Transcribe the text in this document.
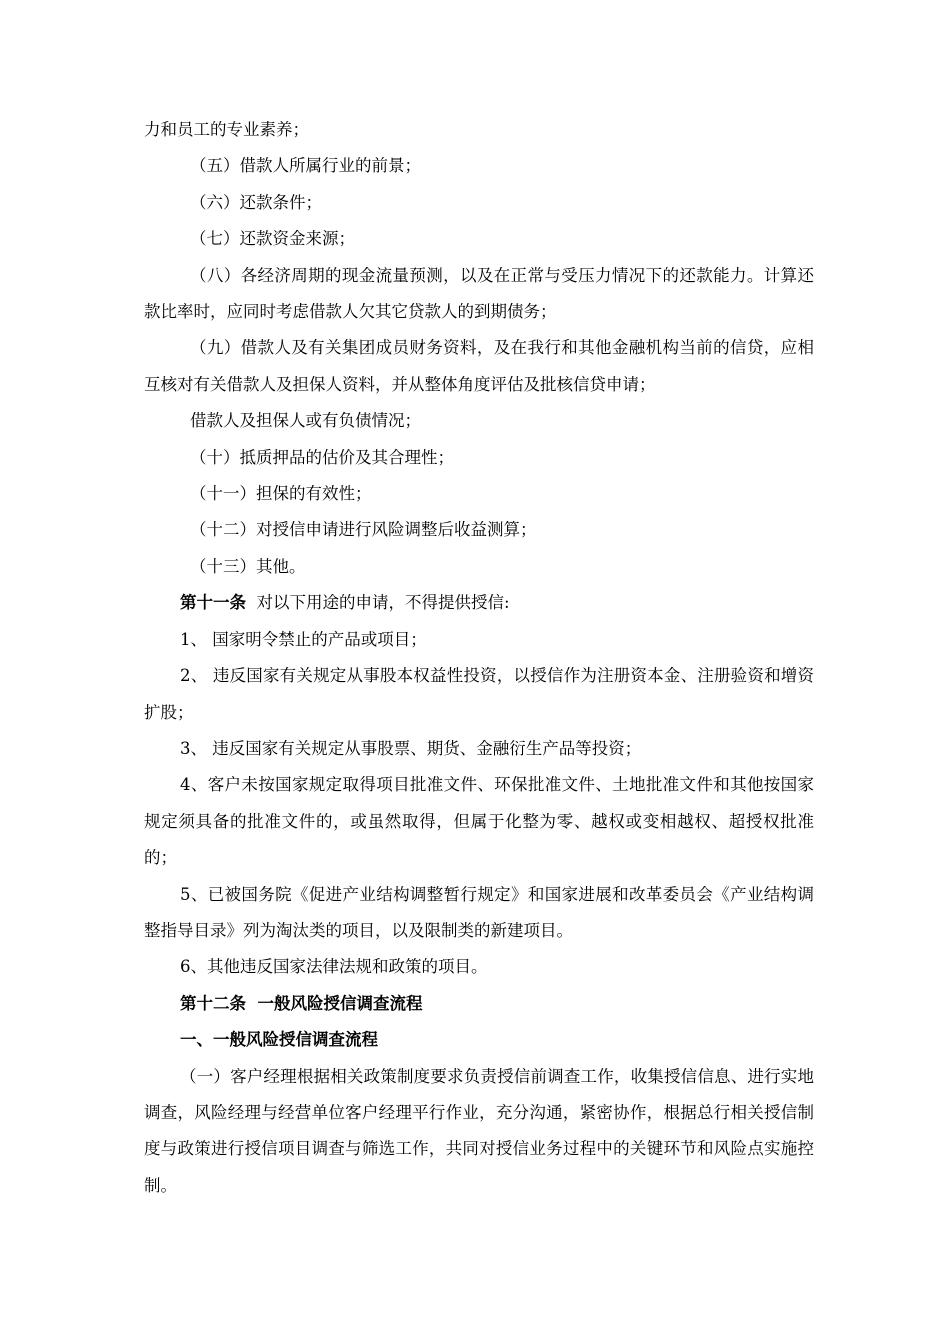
力和员工的专业素养；

（五）借款人所属行业的前景；

（六）还款条件；

（七）还款资金来源；

（八）各经济周期的现金流量预测，以及在正常与受压力情况下的还款能力。计算还款比率时，应同时考虑借款人欠其它贷款人的到期债务；

（九）借款人及有关集团成员财务资料，及在我行和其他金融机构当前的信贷，应相互核对有关借款人及担保人资料，并从整体角度评估及批核信贷申请；

借款人及担保人或有负债情况；

（十）抵质押品的估价及其合理性；

（十一）担保的有效性；

（十二）对授信申请进行风险调整后收益测算；

（十三）其他。

第十一条 对以下用途的申请，不得提供授信:

1、 国家明令禁止的产品或项目；

2、 违反国家有关规定从事股本权益性投资，以授信作为注册资本金、注册验资和增资扩股；

3、 违反国家有关规定从事股票、期货、金融衍生产品等投资；

4、客户未按国家规定取得项目批准文件、环保批准文件、土地批准文件和其他按国家规定须具备的批准文件的，或虽然取得，但属于化整为零、越权或变相越权、超授权批准的；

5、已被国务院《促进产业结构调整暂行规定》和国家进展和改革委员会《产业结构调整指导目录》列为淘汰类的项目，以及限制类的新建项目。

6、其他违反国家法律法规和政策的项目。

第十二条 一般风险授信调查流程

一、一般风险授信调查流程

（一）客户经理根据相关政策制度要求负责授信前调查工作，收集授信信息、进行实地调查，风险经理与经营单位客户经理平行作业，充分沟通，紧密协作，根据总行相关授信制度与政策进行授信项目调查与筛选工作，共同对授信业务过程中的关键环节和风险点实施控制。
